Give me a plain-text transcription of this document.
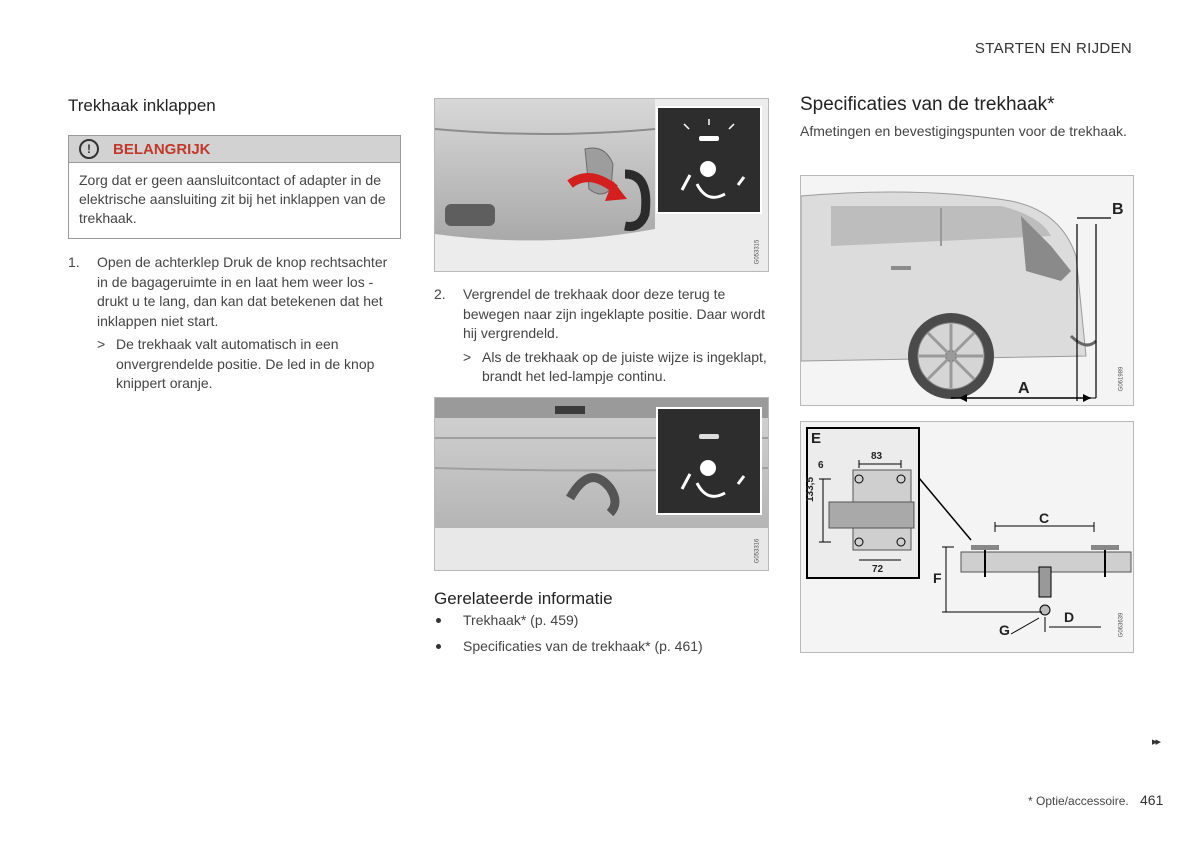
STARTEN EN RIJDEN
Trekhaak inklappen
!	BELANGRIJK
Zorg dat er geen aansluitcontact of adapter in de elektrische aansluiting zit bij het inklappen van de trekhaak.
1. Open de achterklep Druk de knop rechtsachter in de bagageruimte in en laat hem weer los - drukt u te lang, dan kan dat betekenen dat het inklappen niet start.
> De trekhaak valt automatisch in een onvergrendelde positie. De led in de knop knippert oranje.
G053315
2. Vergrendel de trekhaak door deze terug te bewegen naar zijn ingeklapte positie. Daar wordt hij vergrendeld.
> Als de trekhaak op de juiste wijze is ingeklapt, brandt het led-lampje continu.
G053316
Gerelateerde informatie
Trekhaak* (p. 459)
Specificaties van de trekhaak* (p. 461)
Specificaties van de trekhaak*
Afmetingen en bevestigingspunten voor de trekhaak.
A
B
G061989
E
83
6
133,5
72
C
F
G
D	G063639
▸▸
* Optie/accessoire. 461
